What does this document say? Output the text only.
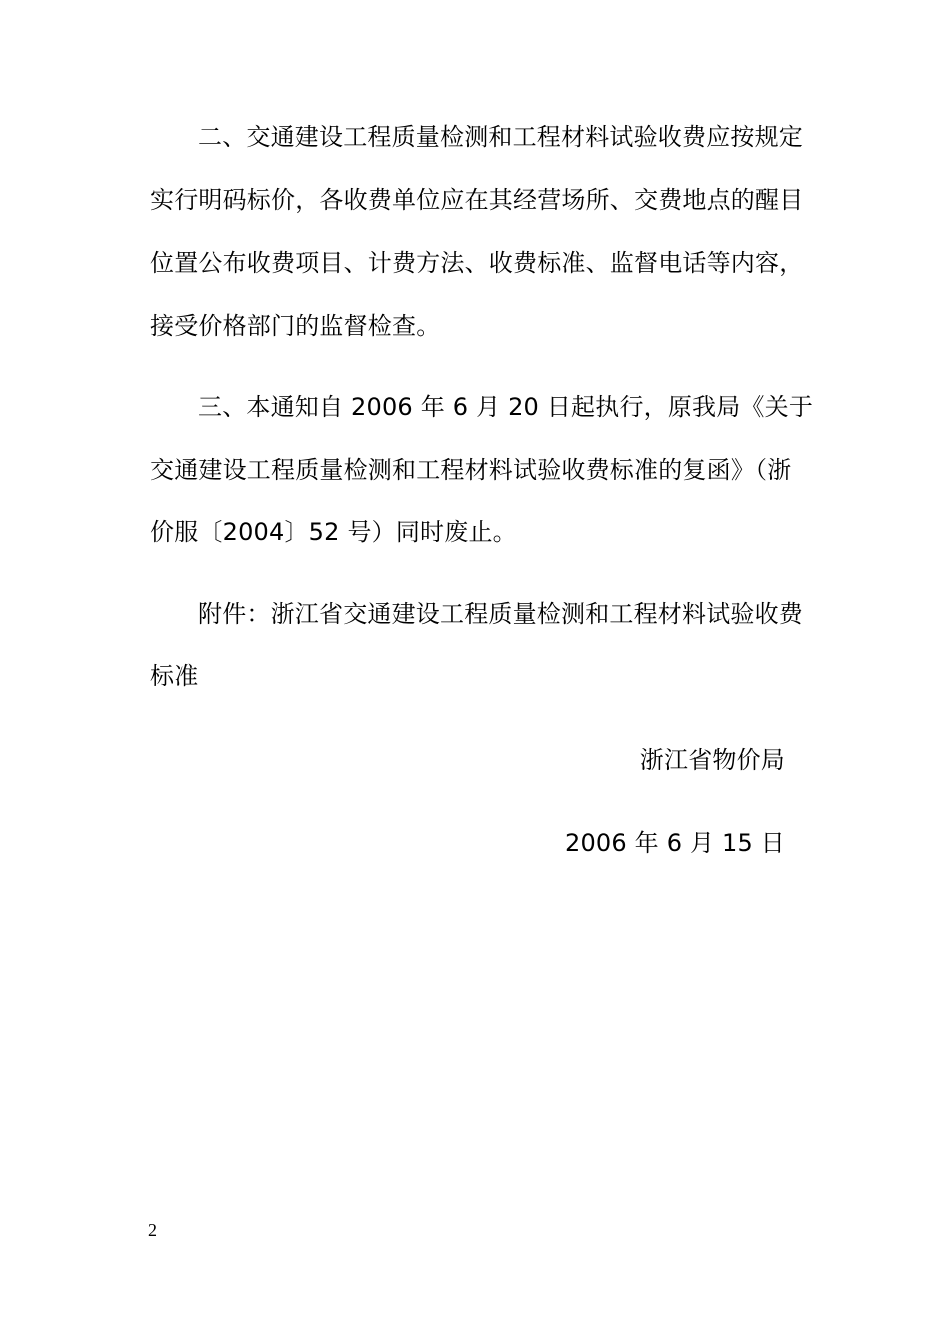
二、交通建设工程质量检测和工程材料试验收费应按规定
实行明码标价，各收费单位应在其经营场所、交费地点的醒目
位置公布收费项目、计费方法、收费标准、监督电话等内容，
接受价格部门的监督检查。
三、本通知自 2006 年 6 月 20 日起执行，原我局《关于
交通建设工程质量检测和工程材料试验收费标准的复函》（浙
价服〔2004〕52 号）同时废止。
附件：浙江省交通建设工程质量检测和工程材料试验收费
标准
浙江省物价局
2006 年 6 月 15 日
2
